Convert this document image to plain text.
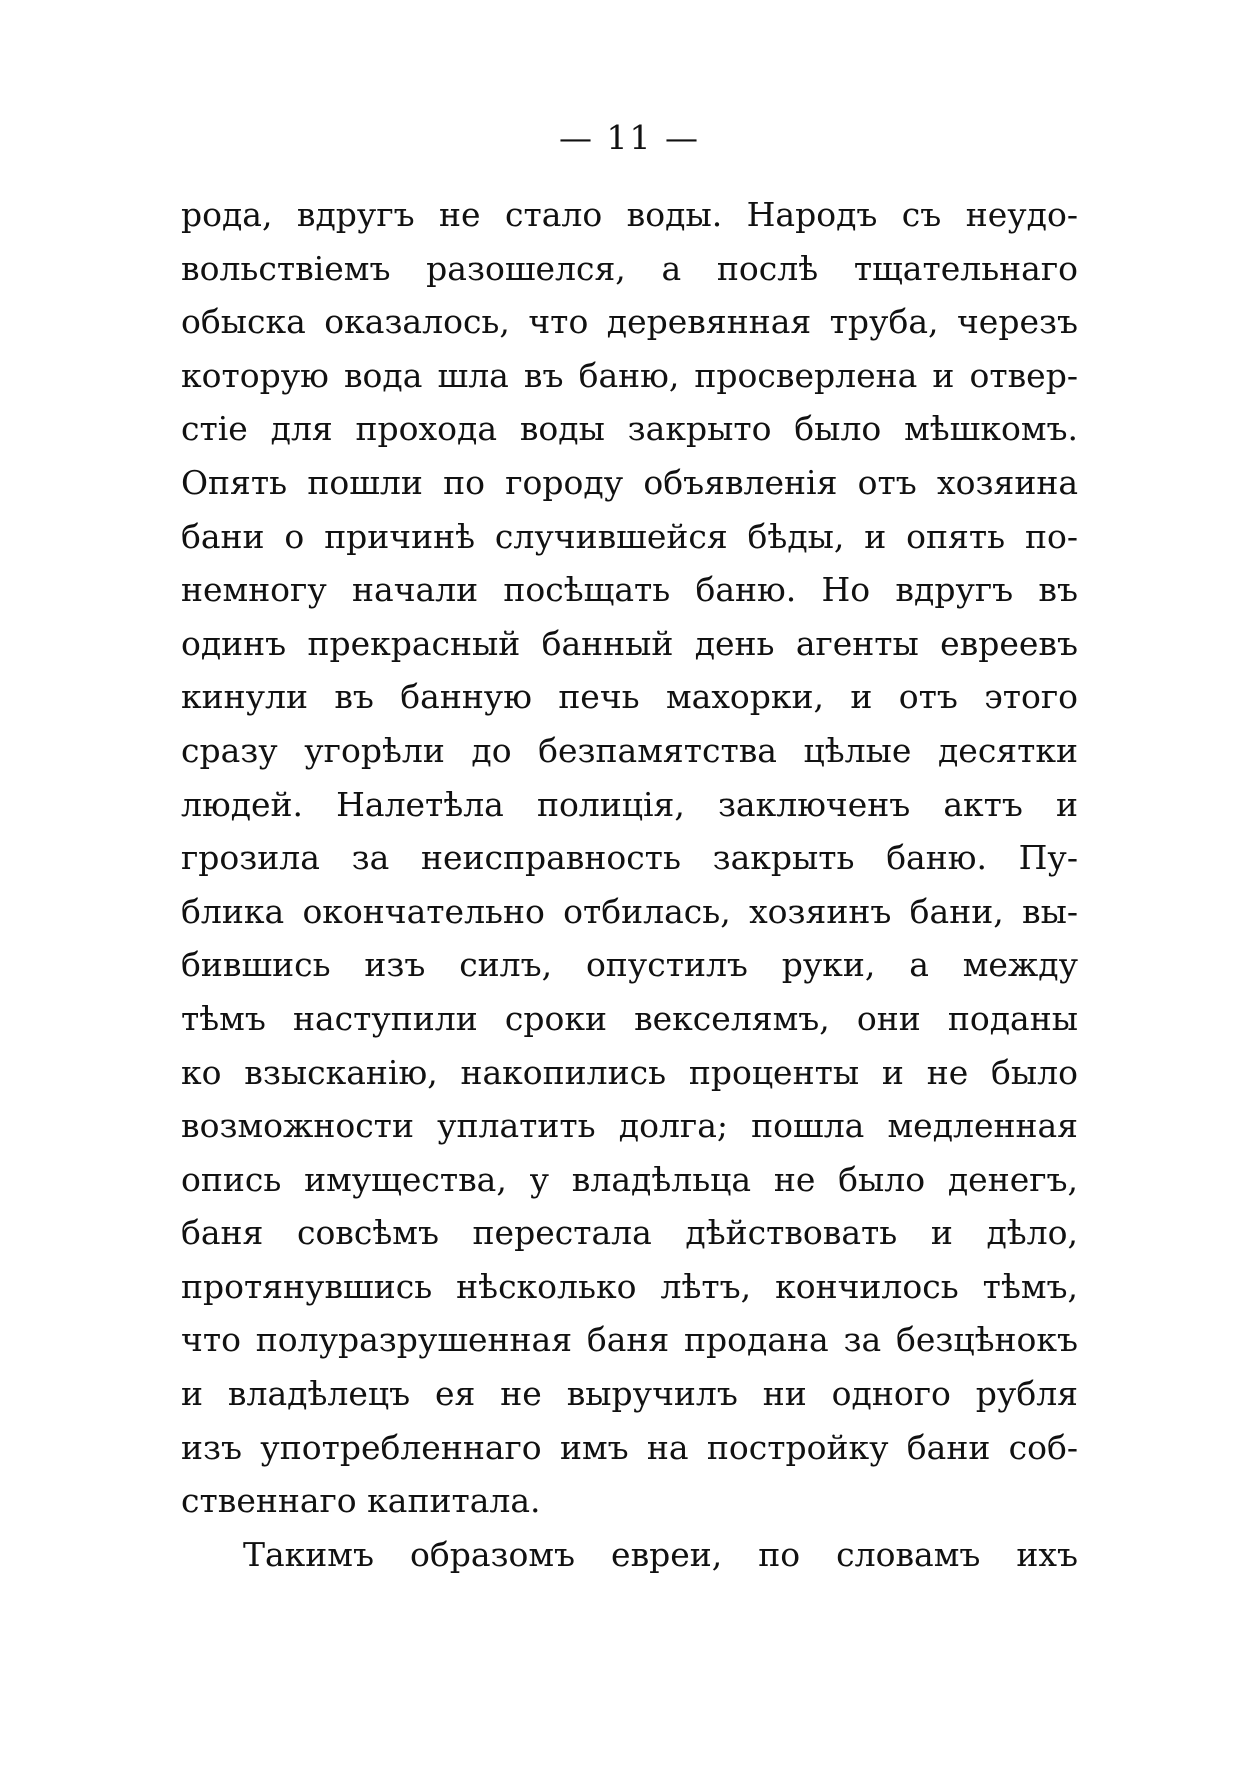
— 11 —
рода, вдругъ не стало воды. Народъ съ неудо-
вольствіемъ разошелся, а послѣ тщательнаго
обыска оказалось, что деревянная труба, черезъ
которую вода шла въ баню, просверлена и отвер-
стіе для прохода воды закрыто было мѣшкомъ.
Опять пошли по городу объявленія отъ хозяина
бани о причинѣ случившейся бѣды, и опять по-
немногу начали посѣщать баню. Но вдругъ въ
одинъ прекрасный банный день агенты евреевъ
кинули въ банную печь махорки, и отъ этого
сразу угорѣли до безпамятства цѣлые десятки
людей. Налетѣла полиція, заключенъ актъ и
грозила за неисправность закрыть баню. Пу-
блика окончательно отбилась, хозяинъ бани, вы-
бившись изъ силъ, опустилъ руки, а между
тѣмъ наступили сроки векселямъ, они поданы
ко взысканію, накопились проценты и не было
возможности уплатить долга; пошла медленная
опись имущества, у владѣльца не было денегъ,
баня совсѣмъ перестала дѣйствовать и дѣло,
протянувшись нѣсколько лѣтъ, кончилось тѣмъ,
что полуразрушенная баня продана за безцѣнокъ
и владѣлецъ ея не выручилъ ни одного рубля
изъ употребленнаго имъ на постройку бани соб-
ственнаго капитала.
Такимъ образомъ евреи, по словамъ ихъ
